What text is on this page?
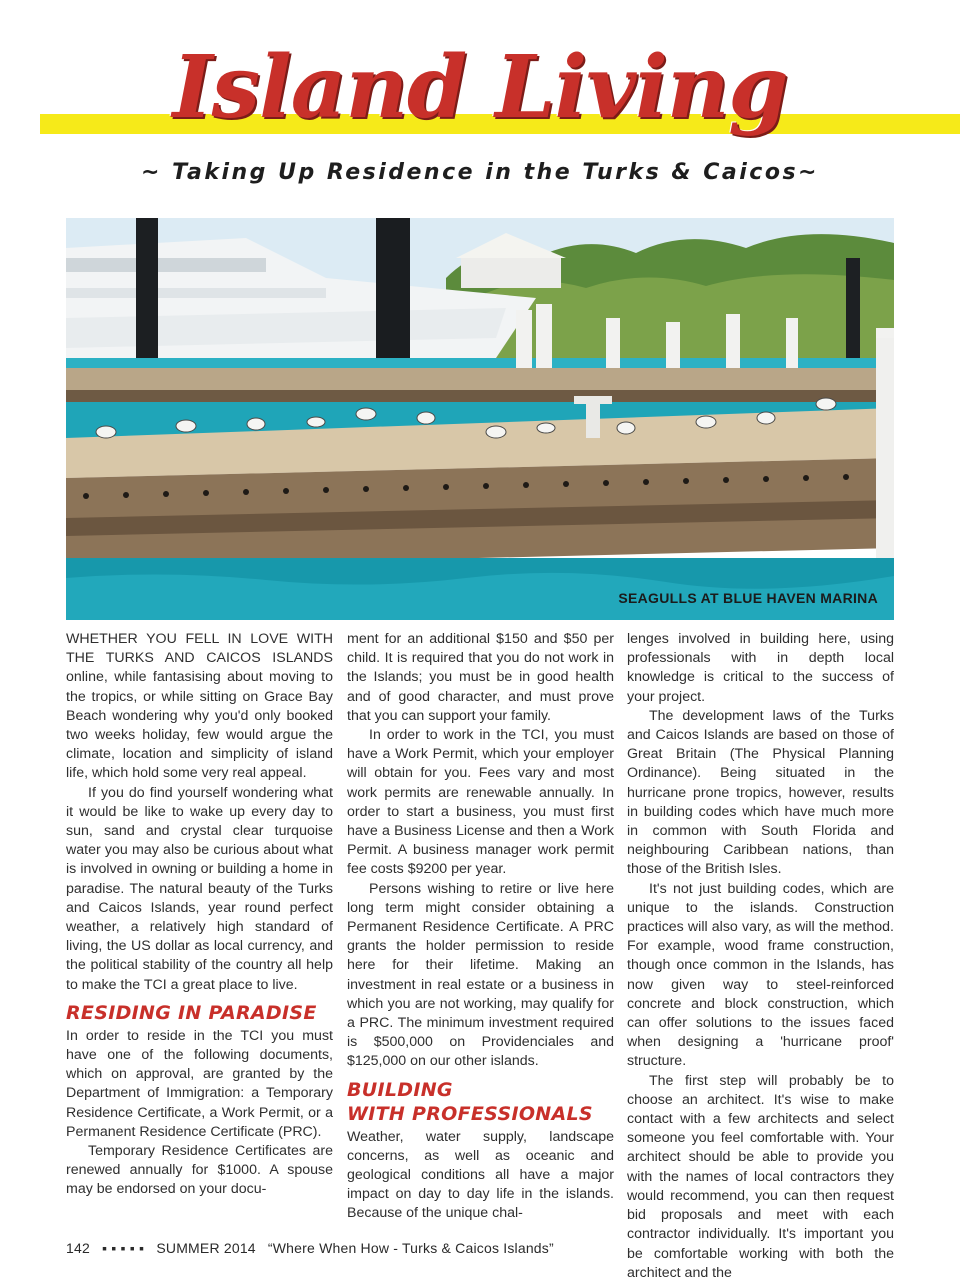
Island Living
~ Taking Up Residence in the Turks & Caicos~
SEAGULLS AT BLUE HAVEN MARINA

WHETHER YOU FELL IN LOVE WITH THE TURKS AND CAICOS ISLANDS online, while fantasising about moving to the tropics, or while sitting on Grace Bay Beach wondering why you'd only booked two weeks holiday, few would argue the climate, location and simplicity of island life, which hold some very real appeal.

If you do find yourself wondering what it would be like to wake up every day to sun, sand and crystal clear turquoise water you may also be curious about what is involved in owning or building a home in paradise. The natural beauty of the Turks and Caicos Islands, year round perfect weather, a relatively high standard of living, the US dollar as local currency, and the political stability of the country all help to make the TCI a great place to live.

RESIDING IN PARADISE

In order to reside in the TCI you must have one of the following documents, which on approval, are granted by the Department of Immigration: a Temporary Residence Certificate, a Work Permit, or a Permanent Residence Certificate (PRC).

Temporary Residence Certificates are renewed annually for $1000. A spouse may be endorsed on your docu-

ment for an additional $150 and $50 per child. It is required that you do not work in the Islands; you must be in good health and of good character, and must prove that you can support your family.

In order to work in the TCI, you must have a Work Permit, which your employer will obtain for you. Fees vary and most work permits are renewable annually. In order to start a business, you must first have a Business License and then a Work Permit. A business manager work permit fee costs $9200 per year.

Persons wishing to retire or live here long term might consider obtaining a Permanent Residence Certificate. A PRC grants the holder permission to reside here for their lifetime. Making an investment in real estate or a business in which you are not working, may qualify for a PRC. The minimum investment required is $500,000 on Providenciales and $125,000 on our other islands.

BUILDING
WITH PROFESSIONALS

Weather, water supply, landscape concerns, as well as oceanic and geological conditions all have a major impact on day to day life in the islands. Because of the unique chal-

lenges involved in building here, using professionals with in depth local knowledge is critical to the success of your project.

The development laws of the Turks and Caicos Islands are based on those of Great Britain (The Physical Planning Ordinance). Being situated in the hurricane prone tropics, however, results in building codes which have much more in common with South Florida and neighbouring Caribbean nations, than those of the British Isles.

It's not just building codes, which are unique to the islands. Construction practices will also vary, as will the method. For example, wood frame construction, though once common in the Islands, has now given way to steel-reinforced concrete and block construction, which can offer solutions to the issues faced when designing a 'hurricane proof' structure.

The first step will probably be to choose an architect. It's wise to make contact with a few architects and select someone you feel comfortable with. Your architect should be able to provide you with the names of local contractors they would recommend, you can then request bid proposals and meet with each contractor individually. It's important you be comfortable working with both the architect and the

142 ▪ ▪ ▪ ▪ ▪ SUMMER 2014 “Where When How - Turks & Caicos Islands”
